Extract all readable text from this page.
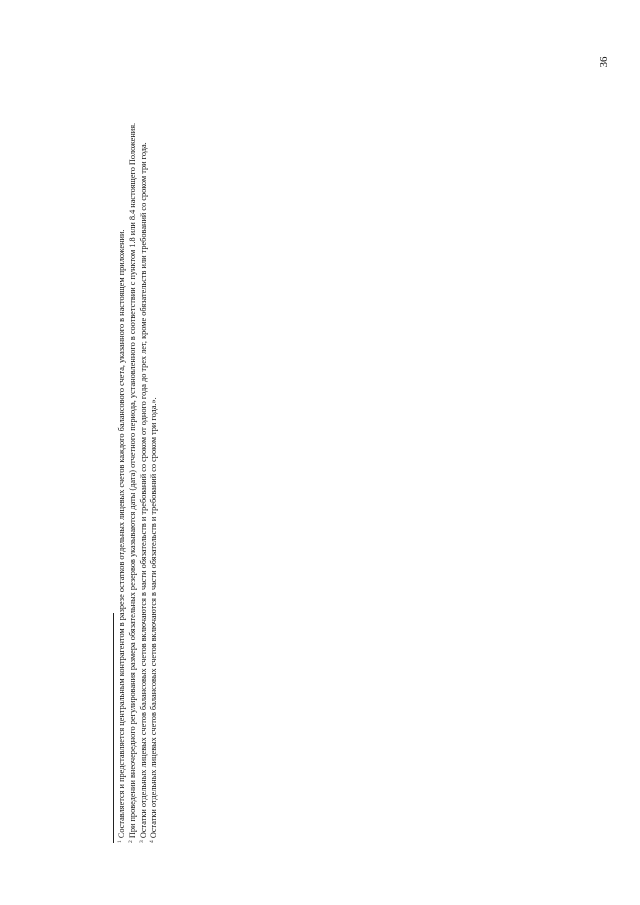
$^1$ Составляется и представляется центральным контрагентом в разрезе остатков отдельных лицевых счетов каждого балансового счета, указанного в настоящем приложении.

$^2$ При проведении внеочередного регулирования размера обязательных резервов указываются даты (дата) отчетного периода, установленного в соответствии с пунктом 1.8 или 8.4 настоящего Положения.

$^3$ Остатки отдельных лицевых счетов балансовых счетов включаются в части обязательств и требований со сроком от одного года до трех лет, кроме обязательств или требований со сроком три года.

$^4$ Остатки отдельных лицевых счетов балансовых счетов включаются в части обязательств и требований со сроком три года.».

36
